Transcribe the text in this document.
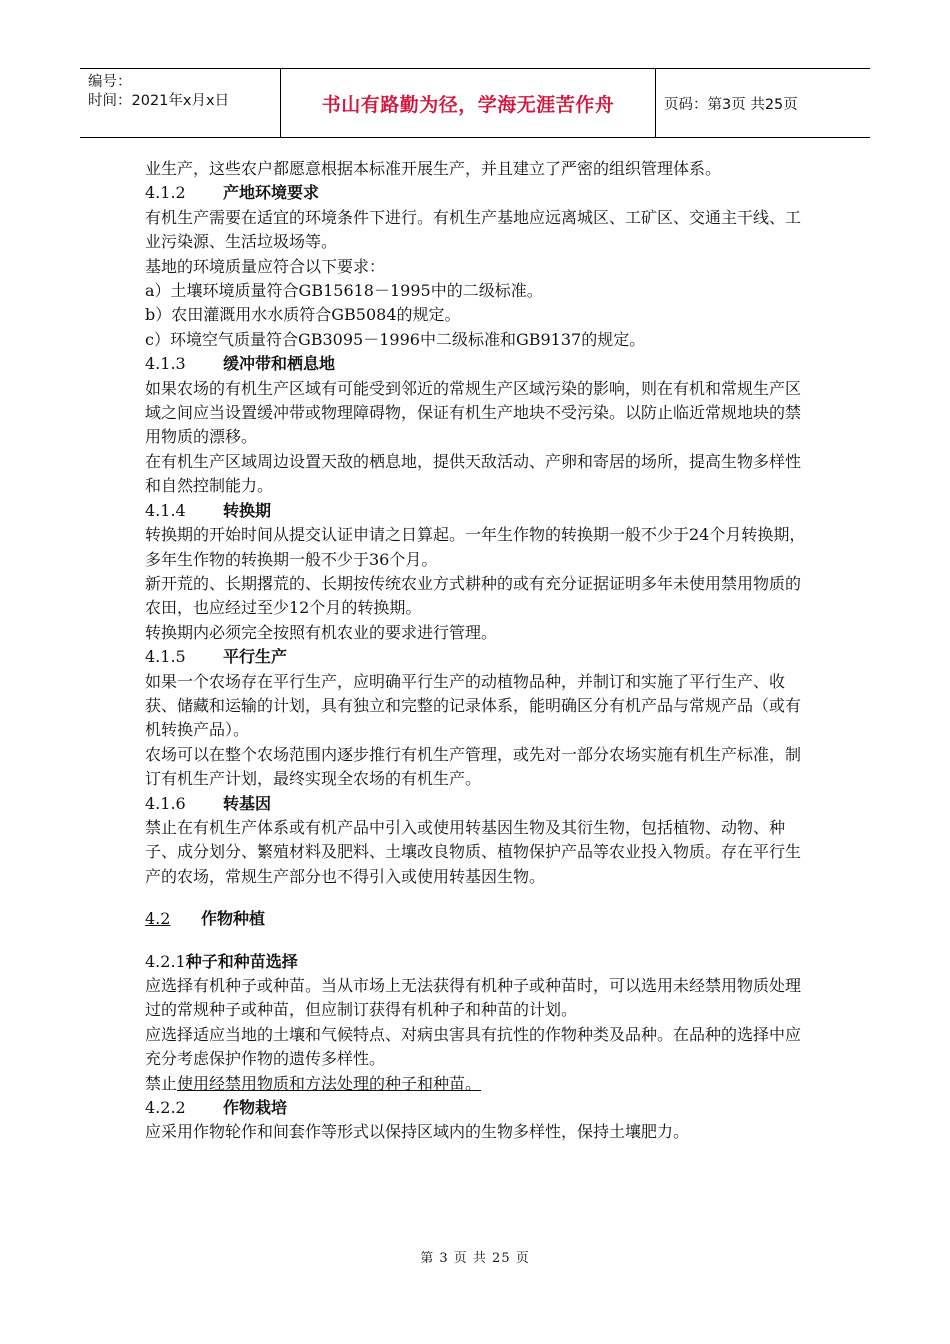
编号：
时间：2021年x月x日	书山有路勤为径，学海无涯苦作舟	页码：第3页 共25页

业生产，这些农户都愿意根据本标准开展生产，并且建立了严密的组织管理体系。

4.1.2 产地环境要求

有机生产需要在适宜的环境条件下进行。有机生产基地应远离城区、工矿区、交通主干线、工业污染源、生活垃圾场等。

基地的环境质量应符合以下要求：

a）土壤环境质量符合GB15618－1995中的二级标准。

b）农田灌溉用水水质符合GB5084的规定。

c）环境空气质量符合GB3095－1996中二级标准和GB9137的规定。

4.1.3 缓冲带和栖息地

如果农场的有机生产区域有可能受到邻近的常规生产区域污染的影响，则在有机和常规生产区域之间应当设置缓冲带或物理障碍物，保证有机生产地块不受污染。以防止临近常规地块的禁用物质的漂移。

在有机生产区域周边设置天敌的栖息地，提供天敌活动、产卵和寄居的场所，提高生物多样性和自然控制能力。

4.1.4 转换期

转换期的开始时间从提交认证申请之日算起。一年生作物的转换期一般不少于24个月转换期，多年生作物的转换期一般不少于36个月。

新开荒的、长期撂荒的、长期按传统农业方式耕种的或有充分证据证明多年未使用禁用物质的农田，也应经过至少12个月的转换期。

转换期内必须完全按照有机农业的要求进行管理。

4.1.5 平行生产

如果一个农场存在平行生产，应明确平行生产的动植物品种，并制订和实施了平行生产、收获、储藏和运输的计划，具有独立和完整的记录体系，能明确区分有机产品与常规产品（或有机转换产品）。

农场可以在整个农场范围内逐步推行有机生产管理，或先对一部分农场实施有机生产标准，制订有机生产计划，最终实现全农场的有机生产。

4.1.6 转基因

禁止在有机生产体系或有机产品中引入或使用转基因生物及其衍生物，包括植物、动物、种子、成分划分、繁殖材料及肥料、土壤改良物质、植物保护产品等农业投入物质。存在平行生产的农场，常规生产部分也不得引入或使用转基因生物。

4.2 作物种植

4.2.1种子和种苗选择

应选择有机种子或种苗。当从市场上无法获得有机种子或种苗时，可以选用未经禁用物质处理过的常规种子或种苗，但应制订获得有机种子和种苗的计划。

应选择适应当地的土壤和气候特点、对病虫害具有抗性的作物种类及品种。在品种的选择中应充分考虑保护作物的遗传多样性。

禁止使用经禁用物质和方法处理的种子和种苗。

4.2.2 作物栽培

应采用作物轮作和间套作等形式以保持区域内的生物多样性，保持土壤肥力。

第 3 页 共 25 页
